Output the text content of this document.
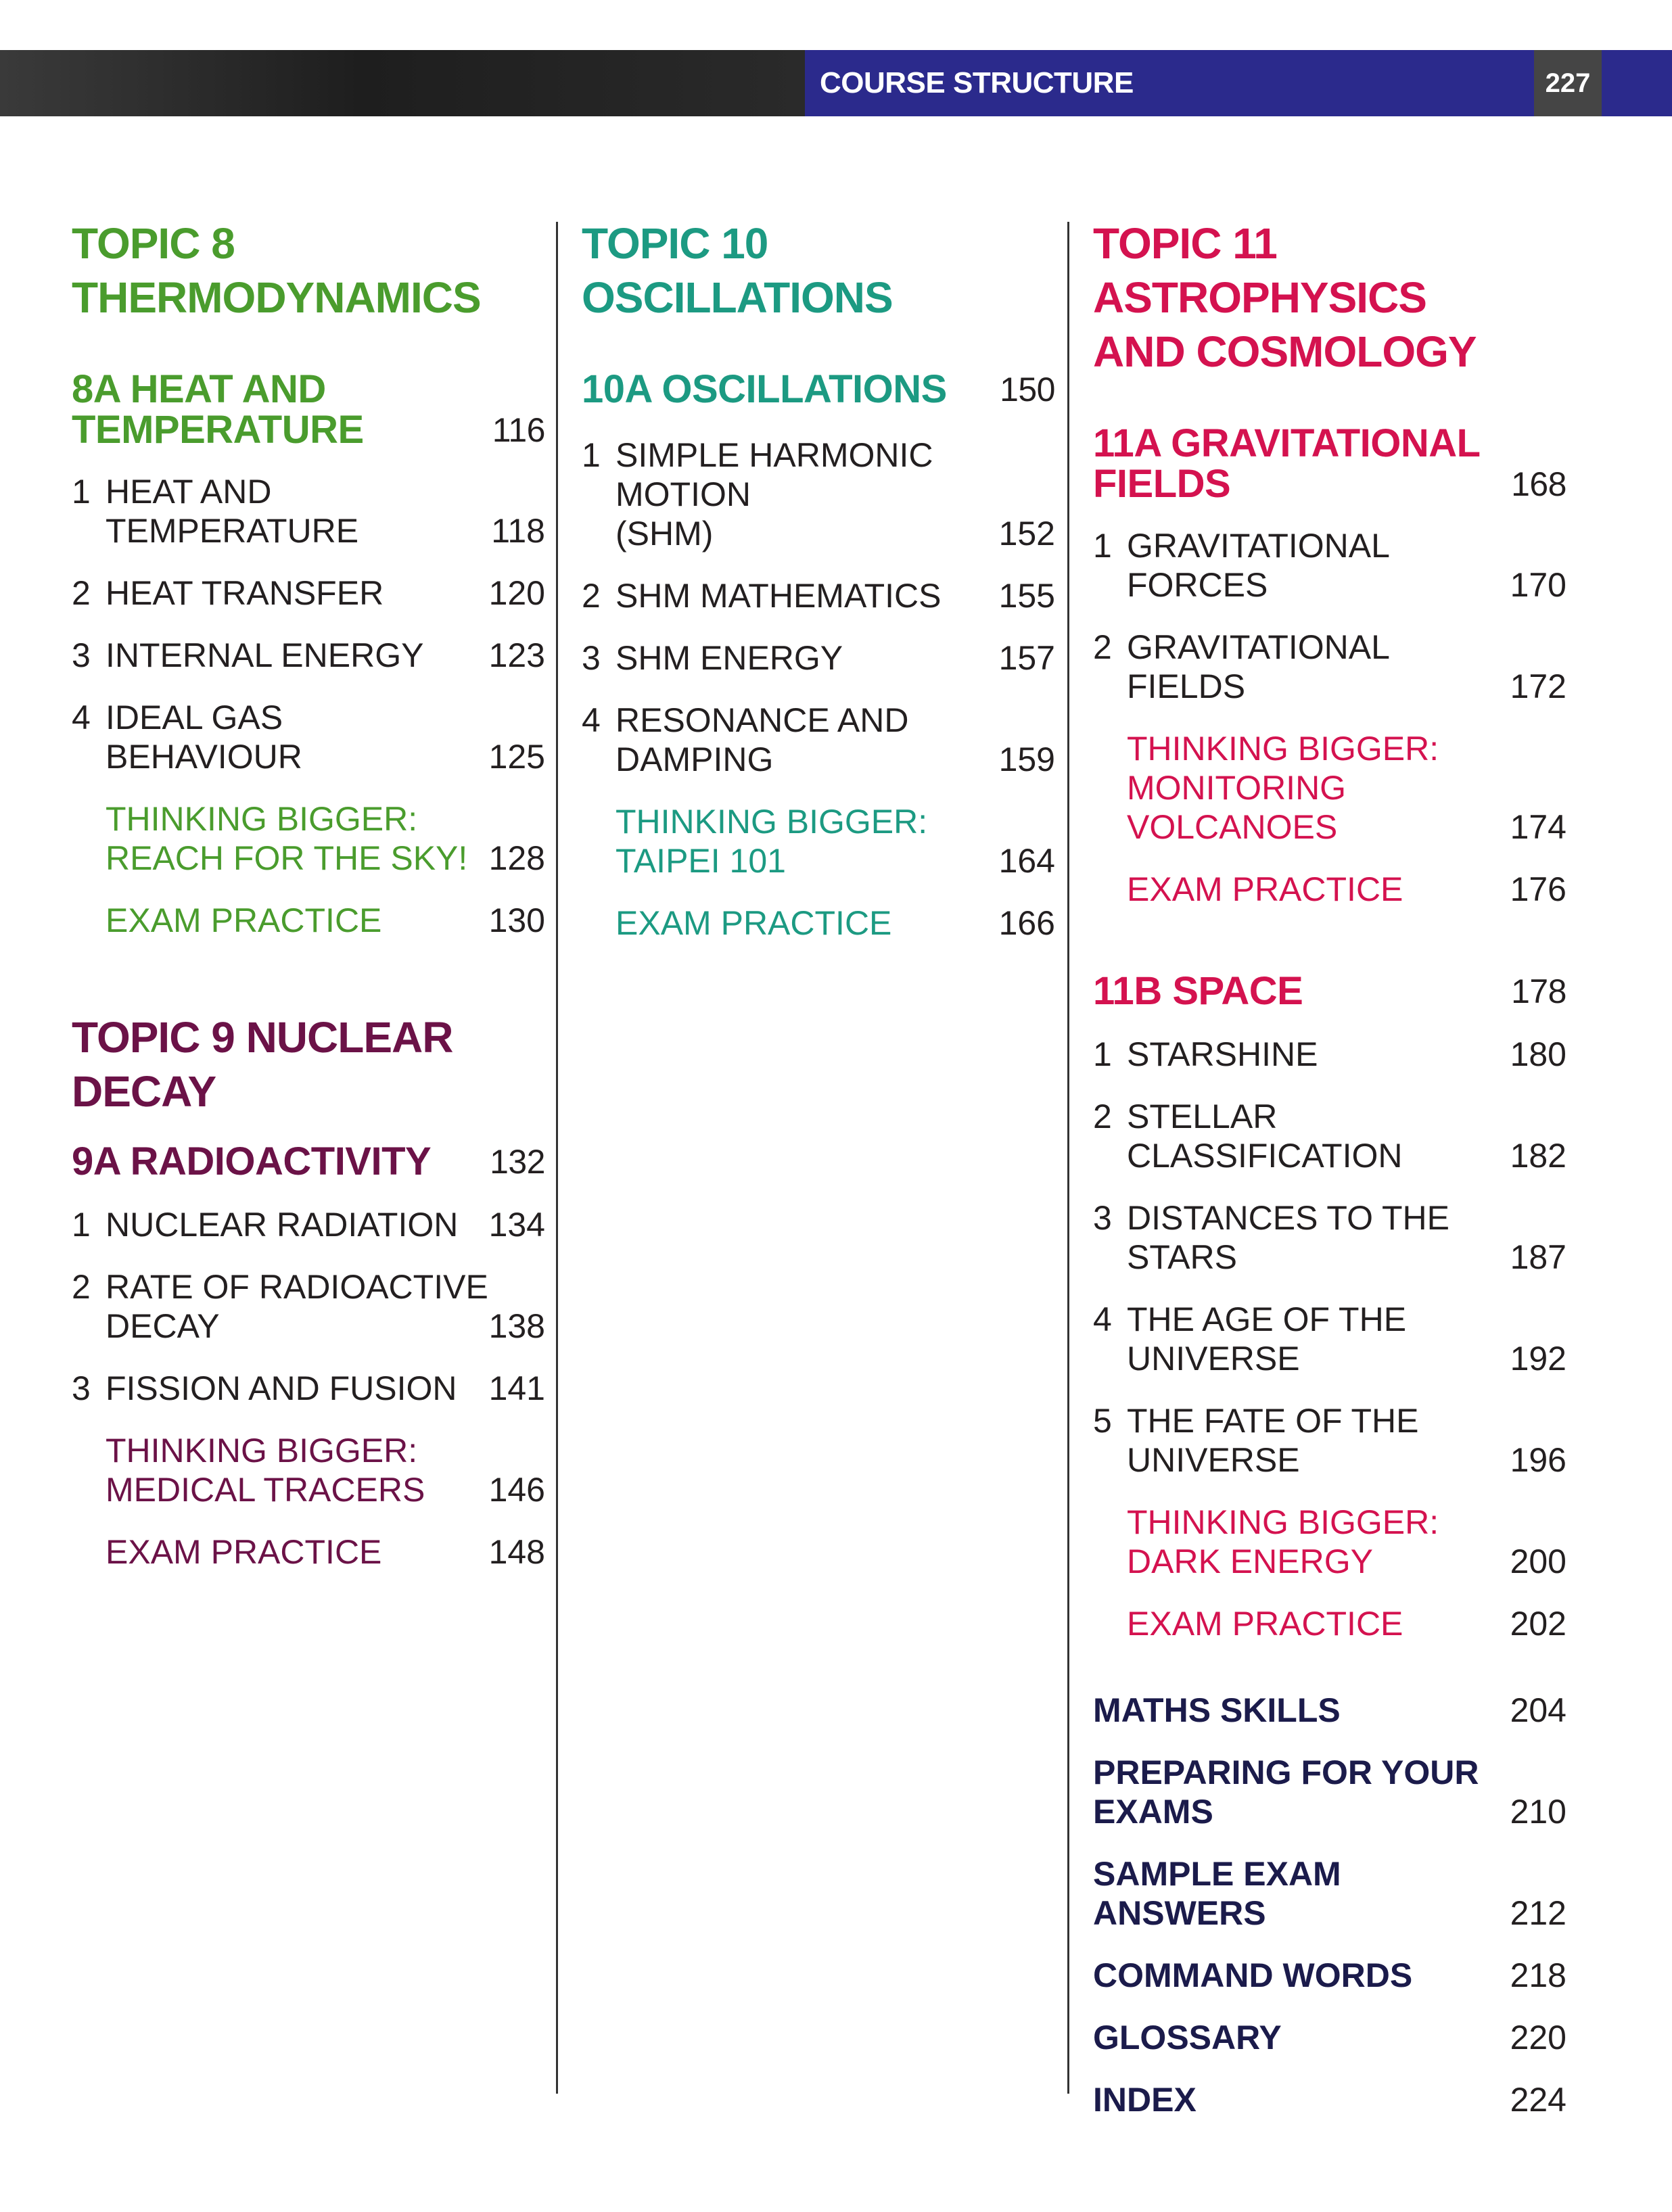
COURSE STRUCTURE	227
TOPIC 8
THERMODYNAMICS
8A HEAT AND
TEMPERATURE	116
1 HEAT AND TEMPERATURE	118
2 HEAT TRANSFER	120
3 INTERNAL ENERGY 123
4 IDEAL GAS BEHAVIOUR	125
THINKING BIGGER:
REACH FOR THE SKY! 128
EXAM PRACTICE	130
TOPIC 9 NUCLEAR DECAY
9A RADIOACTIVITY	132
1 NUCLEAR RADIATION 134
2 RATE OF RADIOACTIVE
DECAY	138
3 FISSION AND FUSION 141
THINKING BIGGER:
MEDICAL TRACERS	146
EXAM PRACTICE	148
TOPIC 10
OSCILLATIONS
10A OSCILLATIONS	150
1 SIMPLE HARMONIC MOTION
(SHM)	152
2 SHM MATHEMATICS 155
3 SHM ENERGY	157
4 RESONANCE AND
DAMPING	159
THINKING BIGGER:
TAIPEI 101	164
EXAM PRACTICE	166
TOPIC 11 ASTROPHYSICS
AND COSMOLOGY
11A GRAVITATIONAL
FIELDS	168
1 GRAVITATIONAL FORCES	170
2 GRAVITATIONAL FIELDS	172
THINKING BIGGER:
MONITORING VOLCANOES	174
EXAM PRACTICE	176
11B SPACE	178
1 STARSHINE	180
2 STELLAR CLASSIFICATION	182
3 DISTANCES TO THE
STARS	187
4 THE AGE OF THE
UNIVERSE	192
5 THE FATE OF THE
UNIVERSE	196
THINKING BIGGER:
DARK ENERGY	200
EXAM PRACTICE	202
MATHS SKILLS	204
PREPARING FOR YOUR
EXAMS	210
SAMPLE EXAM ANSWERS	212
COMMAND WORDS	218
GLOSSARY	220
INDEX	224
